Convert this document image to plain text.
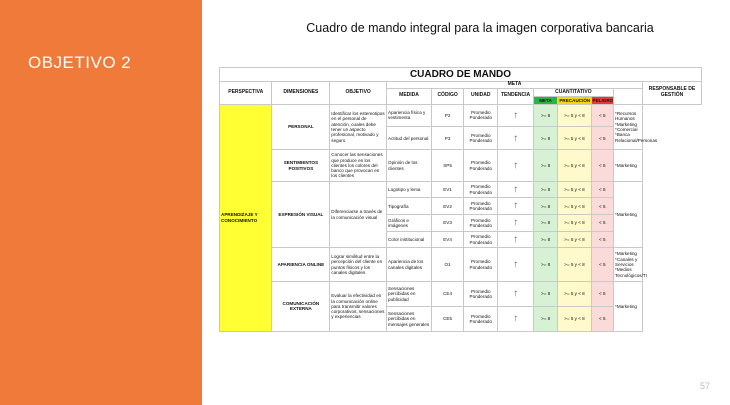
OBJETIVO 2
Cuadro de mando integral para la imagen corporativa bancaria
CUADRO DE MANDO											
PERSPECTIVA	DIMENSIONES	OBJETIVO	META								RESPONSABLE DE GESTIÓN
			MEDIDA	CÓDIGO	UNIDAD	TENDENCIA	CUANTITATIVO				
							META	PRECAUCIÓN	PELIGRO		
APRENDIZAJE Y CONOCIMIENTO	PERSONAL	Identificar los estereotipos en el personal de atención, cuales debe tener un aspecto profesional, motivado y seguro	Apariencia física y vestimenta	P2	Promedio Ponderado	↑	>= 8	>= 5 y < 8	< 5	*Recursos Humanos *Marketing *Comercial *Banca Relacional/Personas	
			Actitud del personal	P3	Promedio Ponderado	↑	>= 8	>= 5 y < 8	< 5		
	SENTIMIENTOS POSITIVOS	Conocer las sensaciones que produce en los clientes los colores del banco que provocan en los clientes	Opinión de los clientes	SP5	Promedio Ponderado	↑	>= 8	>= 5 y < 8	< 5	*Marketing	
	EXPRESIÓN VISUAL	Diferenciarse a través de la comunicación visual	Logotipo y lema	EV1	Promedio Ponderado	↑	>= 8	>= 5 y < 8	< 5	*Marketing	
			Tipografía	EV2	Promedio Ponderado	↑	>= 8	>= 5 y < 8	< 5		
			Gráficos e imágenes	EV3	Promedio Ponderado	↑	>= 8	>= 5 y < 8	< 5		
			Color institucional	EV4	Promedio Ponderado	↑	>= 8	>= 5 y < 8	< 5		
	APARIENCIA ONLINE	Lograr similitud entre la percepción del cliente en puntos físicos y los canales digitales	Apariencia de los canales digitales	O1	Promedio Ponderado	↑	>= 8	>= 5 y < 8	< 5	*Marketing *Canales y Servicios *Medios Tecnológicos/TI	
	COMUNICACIÓN EXTERNA	Evaluar la efectividad en la comunicación online para transmitir valores corporativos, sensaciones y experiencias	Sensaciones percibidas en publicidad	CE4	Promedio Ponderado	↑	>= 8	>= 5 y < 8	< 5	*Marketing	
			Sensaciones percibidas en mensajes generales	CE5	Promedio Ponderado	↑	>= 8	>= 5 y < 8	< 5		
57
